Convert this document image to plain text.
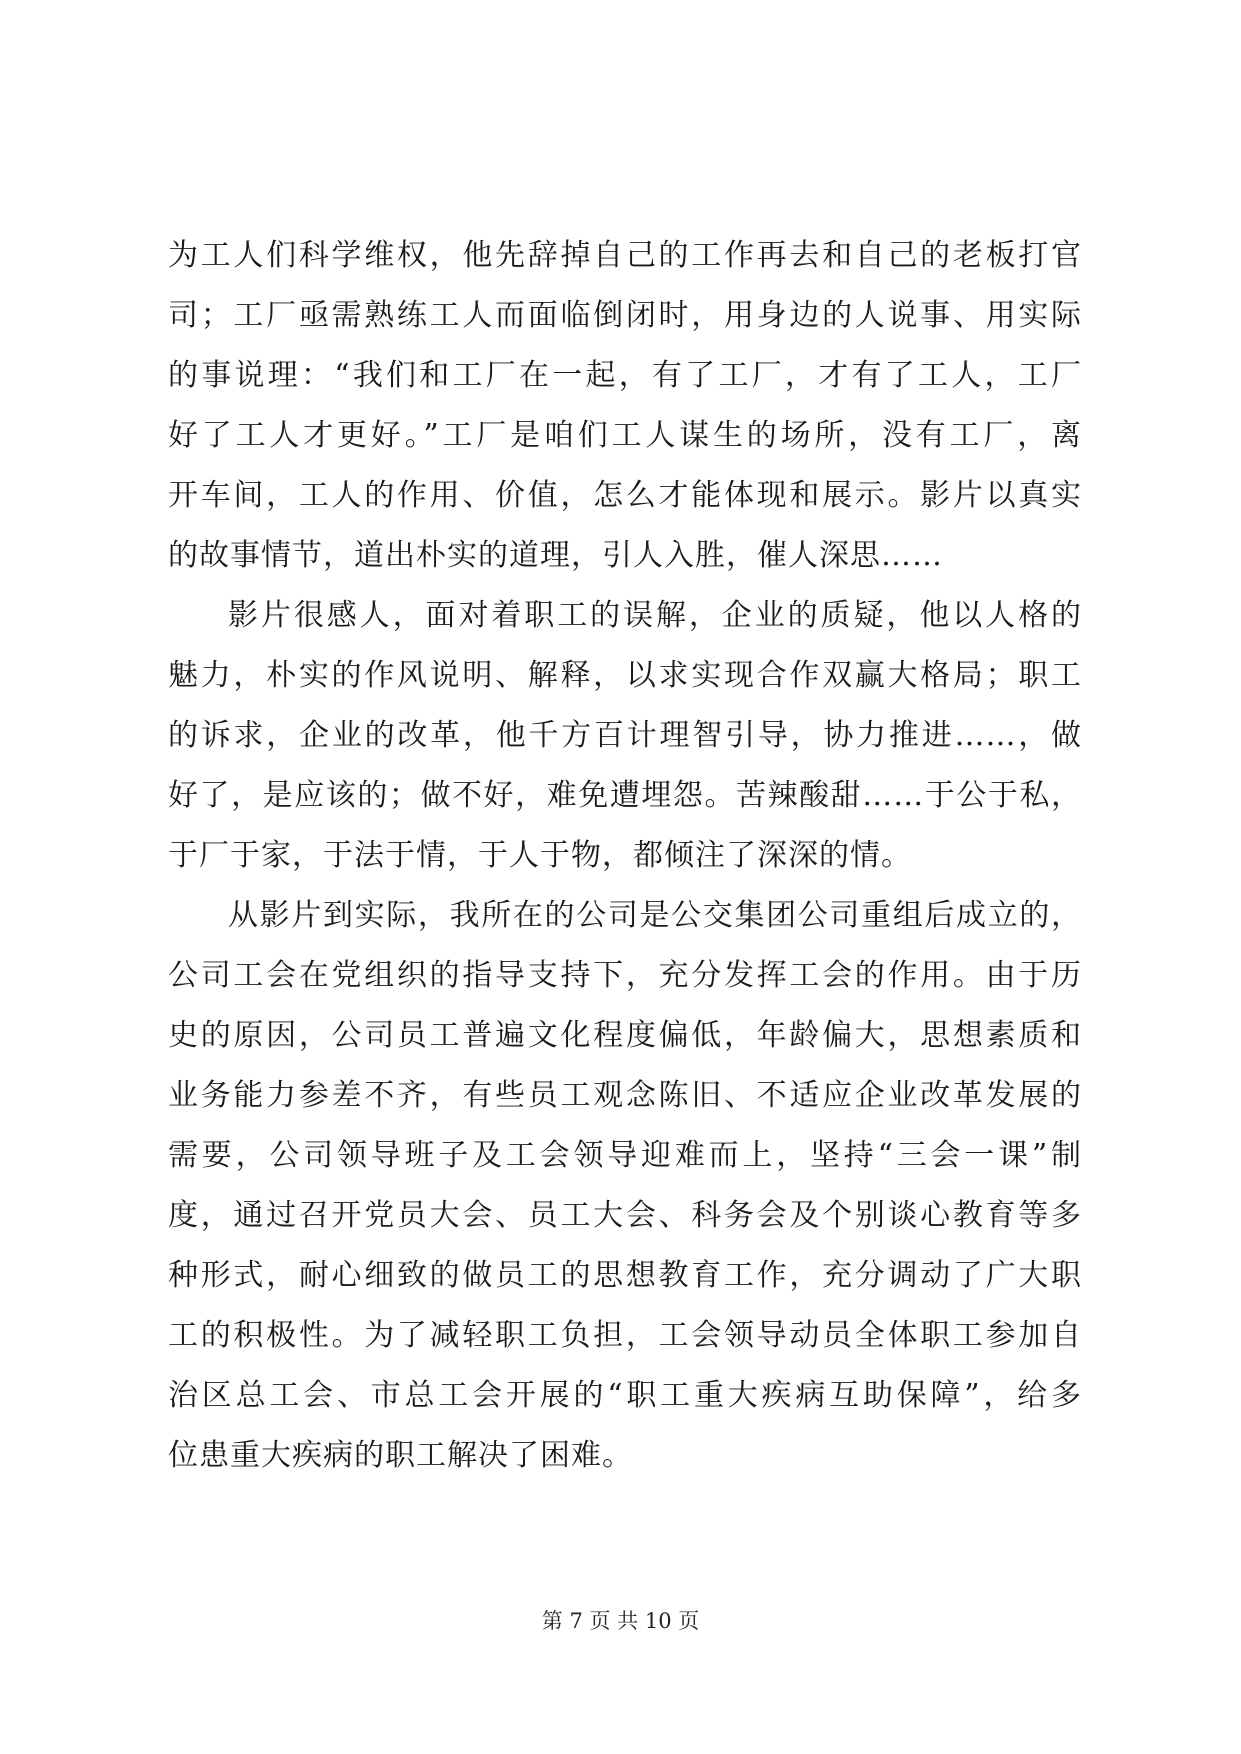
为工人们科学维权，他先辞掉自己的工作再去和自己的老板打官
司；工厂亟需熟练工人而面临倒闭时，用身边的人说事、用实际
的事说理：“我们和工厂在一起，有了工厂，才有了工人，工厂
好了工人才更好。”工厂是咱们工人谋生的场所，没有工厂，离
开车间，工人的作用、价值，怎么才能体现和展示。影片以真实
的故事情节，道出朴实的道理，引人入胜，催人深思……
影片很感人，面对着职工的误解，企业的质疑，他以人格的
魅力，朴实的作风说明、解释，以求实现合作双赢大格局；职工
的诉求，企业的改革，他千方百计理智引导，协力推进……，做
好了，是应该的；做不好，难免遭埋怨。苦辣酸甜……于公于私，
于厂于家，于法于情，于人于物，都倾注了深深的情。
从影片到实际，我所在的公司是公交集团公司重组后成立的，
公司工会在党组织的指导支持下，充分发挥工会的作用。由于历
史的原因，公司员工普遍文化程度偏低，年龄偏大，思想素质和
业务能力参差不齐，有些员工观念陈旧、不适应企业改革发展的
需要，公司领导班子及工会领导迎难而上，坚持“三会一课”制
度，通过召开党员大会、员工大会、科务会及个别谈心教育等多
种形式，耐心细致的做员工的思想教育工作，充分调动了广大职
工的积极性。为了减轻职工负担，工会领导动员全体职工参加自
治区总工会、市总工会开展的“职工重大疾病互助保障”，给多
位患重大疾病的职工解决了困难。
第 7 页 共 10 页
